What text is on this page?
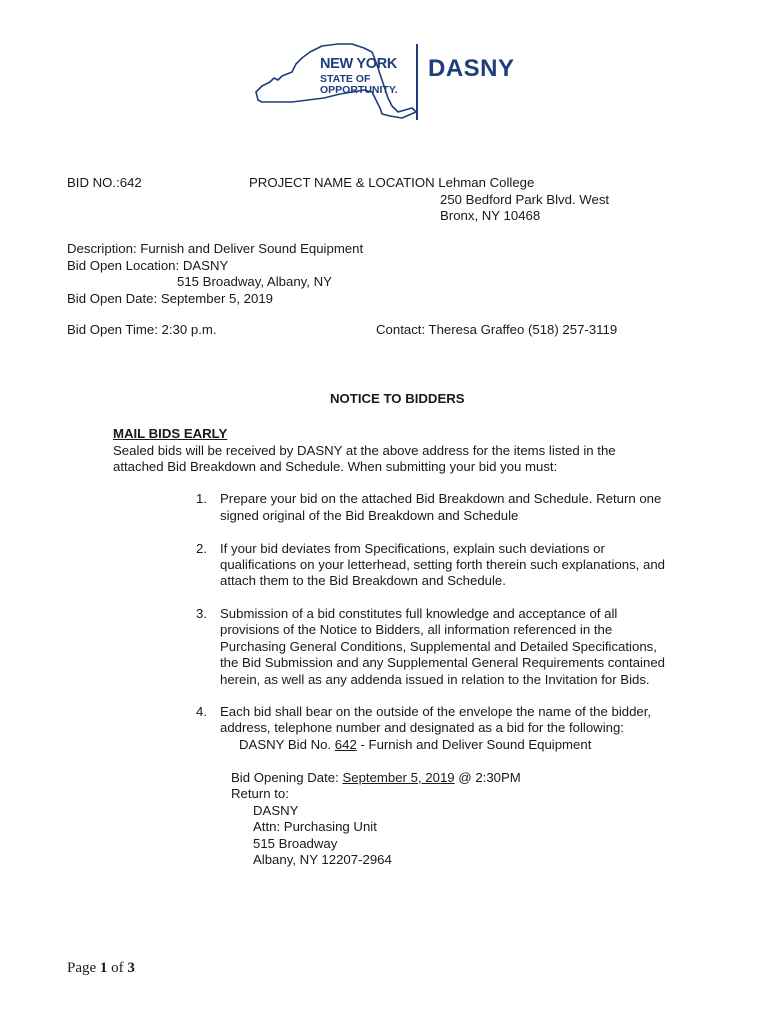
NEW YORK
STATE OF
OPPORTUNITY.
DASNY
BID NO.:642	PROJECT NAME & LOCATION Lehman College
250 Bedford Park Blvd. West
Bronx, NY 10468
Description: Furnish and Deliver Sound Equipment
Bid Open Location: DASNY
515 Broadway, Albany, NY
Bid Open Date: September 5, 2019
Bid Open Time: 2:30 p.m.	Contact: Theresa Graffeo (518) 257-3119
NOTICE TO BIDDERS
MAIL BIDS EARLY
Sealed bids will be received by DASNY at the above address for the items listed in the
attached Bid Breakdown and Schedule. When submitting your bid you must:
1. Prepare your bid on the attached Bid Breakdown and Schedule. Return one
signed original of the Bid Breakdown and Schedule
2. If your bid deviates from Specifications, explain such deviations or
qualifications on your letterhead, setting forth therein such explanations, and
attach them to the Bid Breakdown and Schedule.
3. Submission of a bid constitutes full knowledge and acceptance of all
provisions of the Notice to Bidders, all information referenced in the
Purchasing General Conditions, Supplemental and Detailed Specifications,
the Bid Submission and any Supplemental General Requirements contained
herein, as well as any addenda issued in relation to the Invitation for Bids.
4. Each bid shall bear on the outside of the envelope the name of the bidder,
address, telephone number and designated as a bid for the following:
DASNY Bid No. 642 - Furnish and Deliver Sound Equipment
Bid Opening Date: September 5, 2019 @ 2:30PM
Return to:
DASNY
Attn: Purchasing Unit
515 Broadway
Albany, NY 12207-2964
Page 1 of 3
